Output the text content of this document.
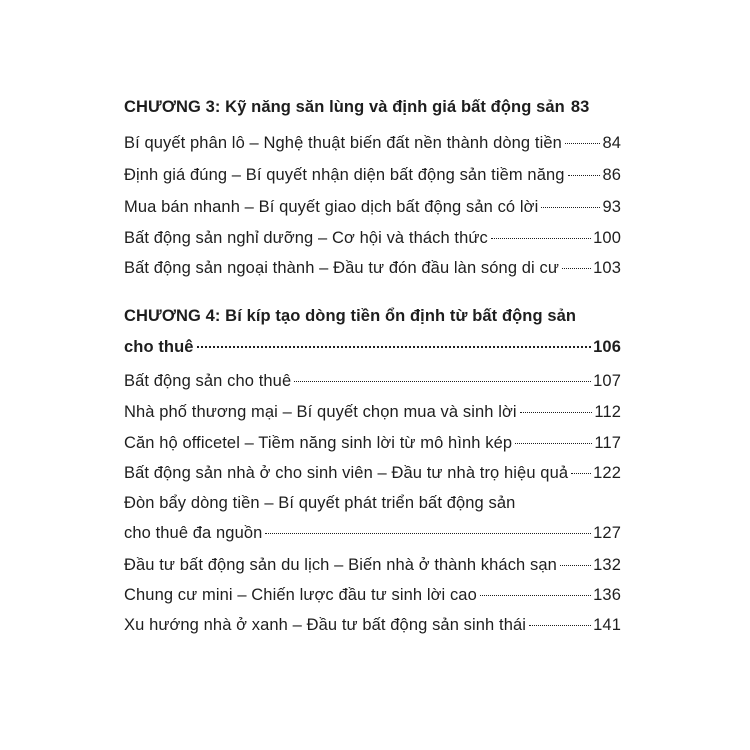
CHƯƠNG 3: Kỹ năng săn lùng và định giá bất động sản 83
Bí quyết phân lô – Nghệ thuật biến đất nền thành dòng tiền 84
Định giá đúng – Bí quyết nhận diện bất động sản tiềm năng 86
Mua bán nhanh – Bí quyết giao dịch bất động sản có lời	93
Bất động sản nghỉ dưỡng – Cơ hội và thách thức	100
Bất động sản ngoại thành – Đầu tư đón đầu làn sóng di cư 103
CHƯƠNG 4: Bí kíp tạo dòng tiền ổn định từ bất động sản
cho thuê	106
Bất động sản cho thuê	107
Nhà phố thương mại – Bí quyết chọn mua và sinh lời	112
Căn hộ officetel – Tiềm năng sinh lời từ mô hình kép	117
Bất động sản nhà ở cho sinh viên – Đầu tư nhà trọ hiệu quả 122
Đòn bẩy dòng tiền – Bí quyết phát triển bất động sản
cho thuê đa nguồn	127
Đầu tư bất động sản du lịch – Biến nhà ở thành khách sạn 132
Chung cư mini – Chiến lược đầu tư sinh lời cao	136
Xu hướng nhà ở xanh – Đầu tư bất động sản sinh thái	141
